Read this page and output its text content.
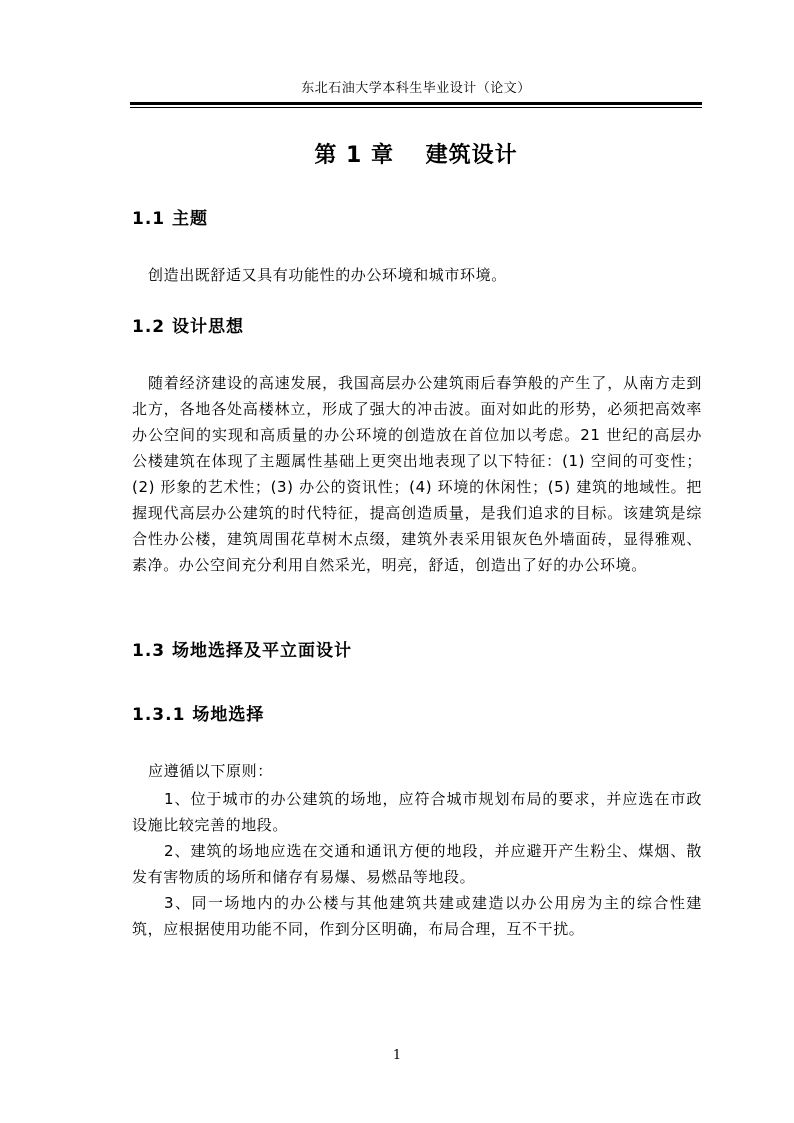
东北石油大学本科生毕业设计（论文）
第 1 章　 建筑设计
1.1 主题
创造出既舒适又具有功能性的办公环境和城市环境。
1.2 设计思想
随着经济建设的高速发展，我国高层办公建筑雨后春笋般的产生了，从南方走到北方，各地各处高楼林立，形成了强大的冲击波。面对如此的形势，必须把高效率办公空间的实现和高质量的办公环境的创造放在首位加以考虑。21 世纪的高层办公楼建筑在体现了主题属性基础上更突出地表现了以下特征：(1) 空间的可变性；(2) 形象的艺术性；(3) 办公的资讯性；(4) 环境的休闲性；(5) 建筑的地域性。把握现代高层办公建筑的时代特征，提高创造质量，是我们追求的目标。该建筑是综合性办公楼，建筑周围花草树木点缀，建筑外表采用银灰色外墙面砖，显得雅观、素净。办公空间充分利用自然采光，明亮，舒适，创造出了好的办公环境。
1.3 场地选择及平立面设计
1.3.1 场地选择
应遵循以下原则：
1、位于城市的办公建筑的场地，应符合城市规划布局的要求，并应选在市政设施比较完善的地段。
2、建筑的场地应选在交通和通讯方便的地段，并应避开产生粉尘、煤烟、散发有害物质的场所和储存有易爆、易燃品等地段。
3、同一场地内的办公楼与其他建筑共建或建造以办公用房为主的综合性建筑，应根据使用功能不同，作到分区明确，布局合理，互不干扰。
1
